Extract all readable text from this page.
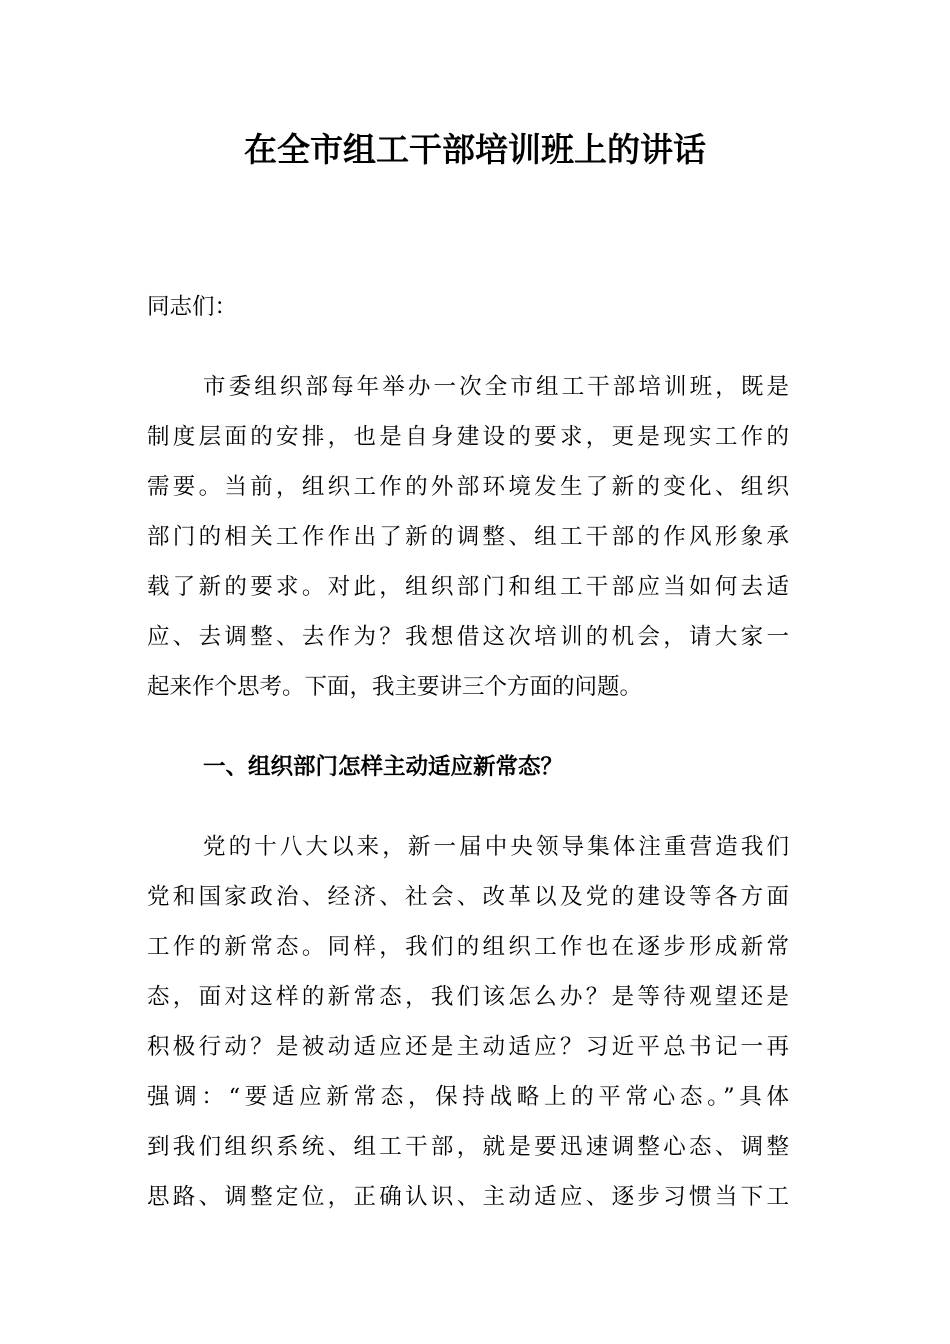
在全市组工干部培训班上的讲话
同志们：
市委组织部每年举办一次全市组工干部培训班，既是
制度层面的安排，也是自身建设的要求，更是现实工作的
需要。当前，组织工作的外部环境发生了新的变化、组织
部门的相关工作作出了新的调整、组工干部的作风形象承
载了新的要求。对此，组织部门和组工干部应当如何去适
应、去调整、去作为？我想借这次培训的机会，请大家一
起来作个思考。下面，我主要讲三个方面的问题。
一、组织部门怎样主动适应新常态？
党的十八大以来，新一届中央领导集体注重营造我们
党和国家政治、经济、社会、改革以及党的建设等各方面
工作的新常态。同样，我们的组织工作也在逐步形成新常
态，面对这样的新常态，我们该怎么办？是等待观望还是
积极行动？是被动适应还是主动适应？习近平总书记一再
强调：“要适应新常态，保持战略上的平常心态。”具体
到我们组织系统、组工干部，就是要迅速调整心态、调整
思路、调整定位，正确认识、主动适应、逐步习惯当下工
